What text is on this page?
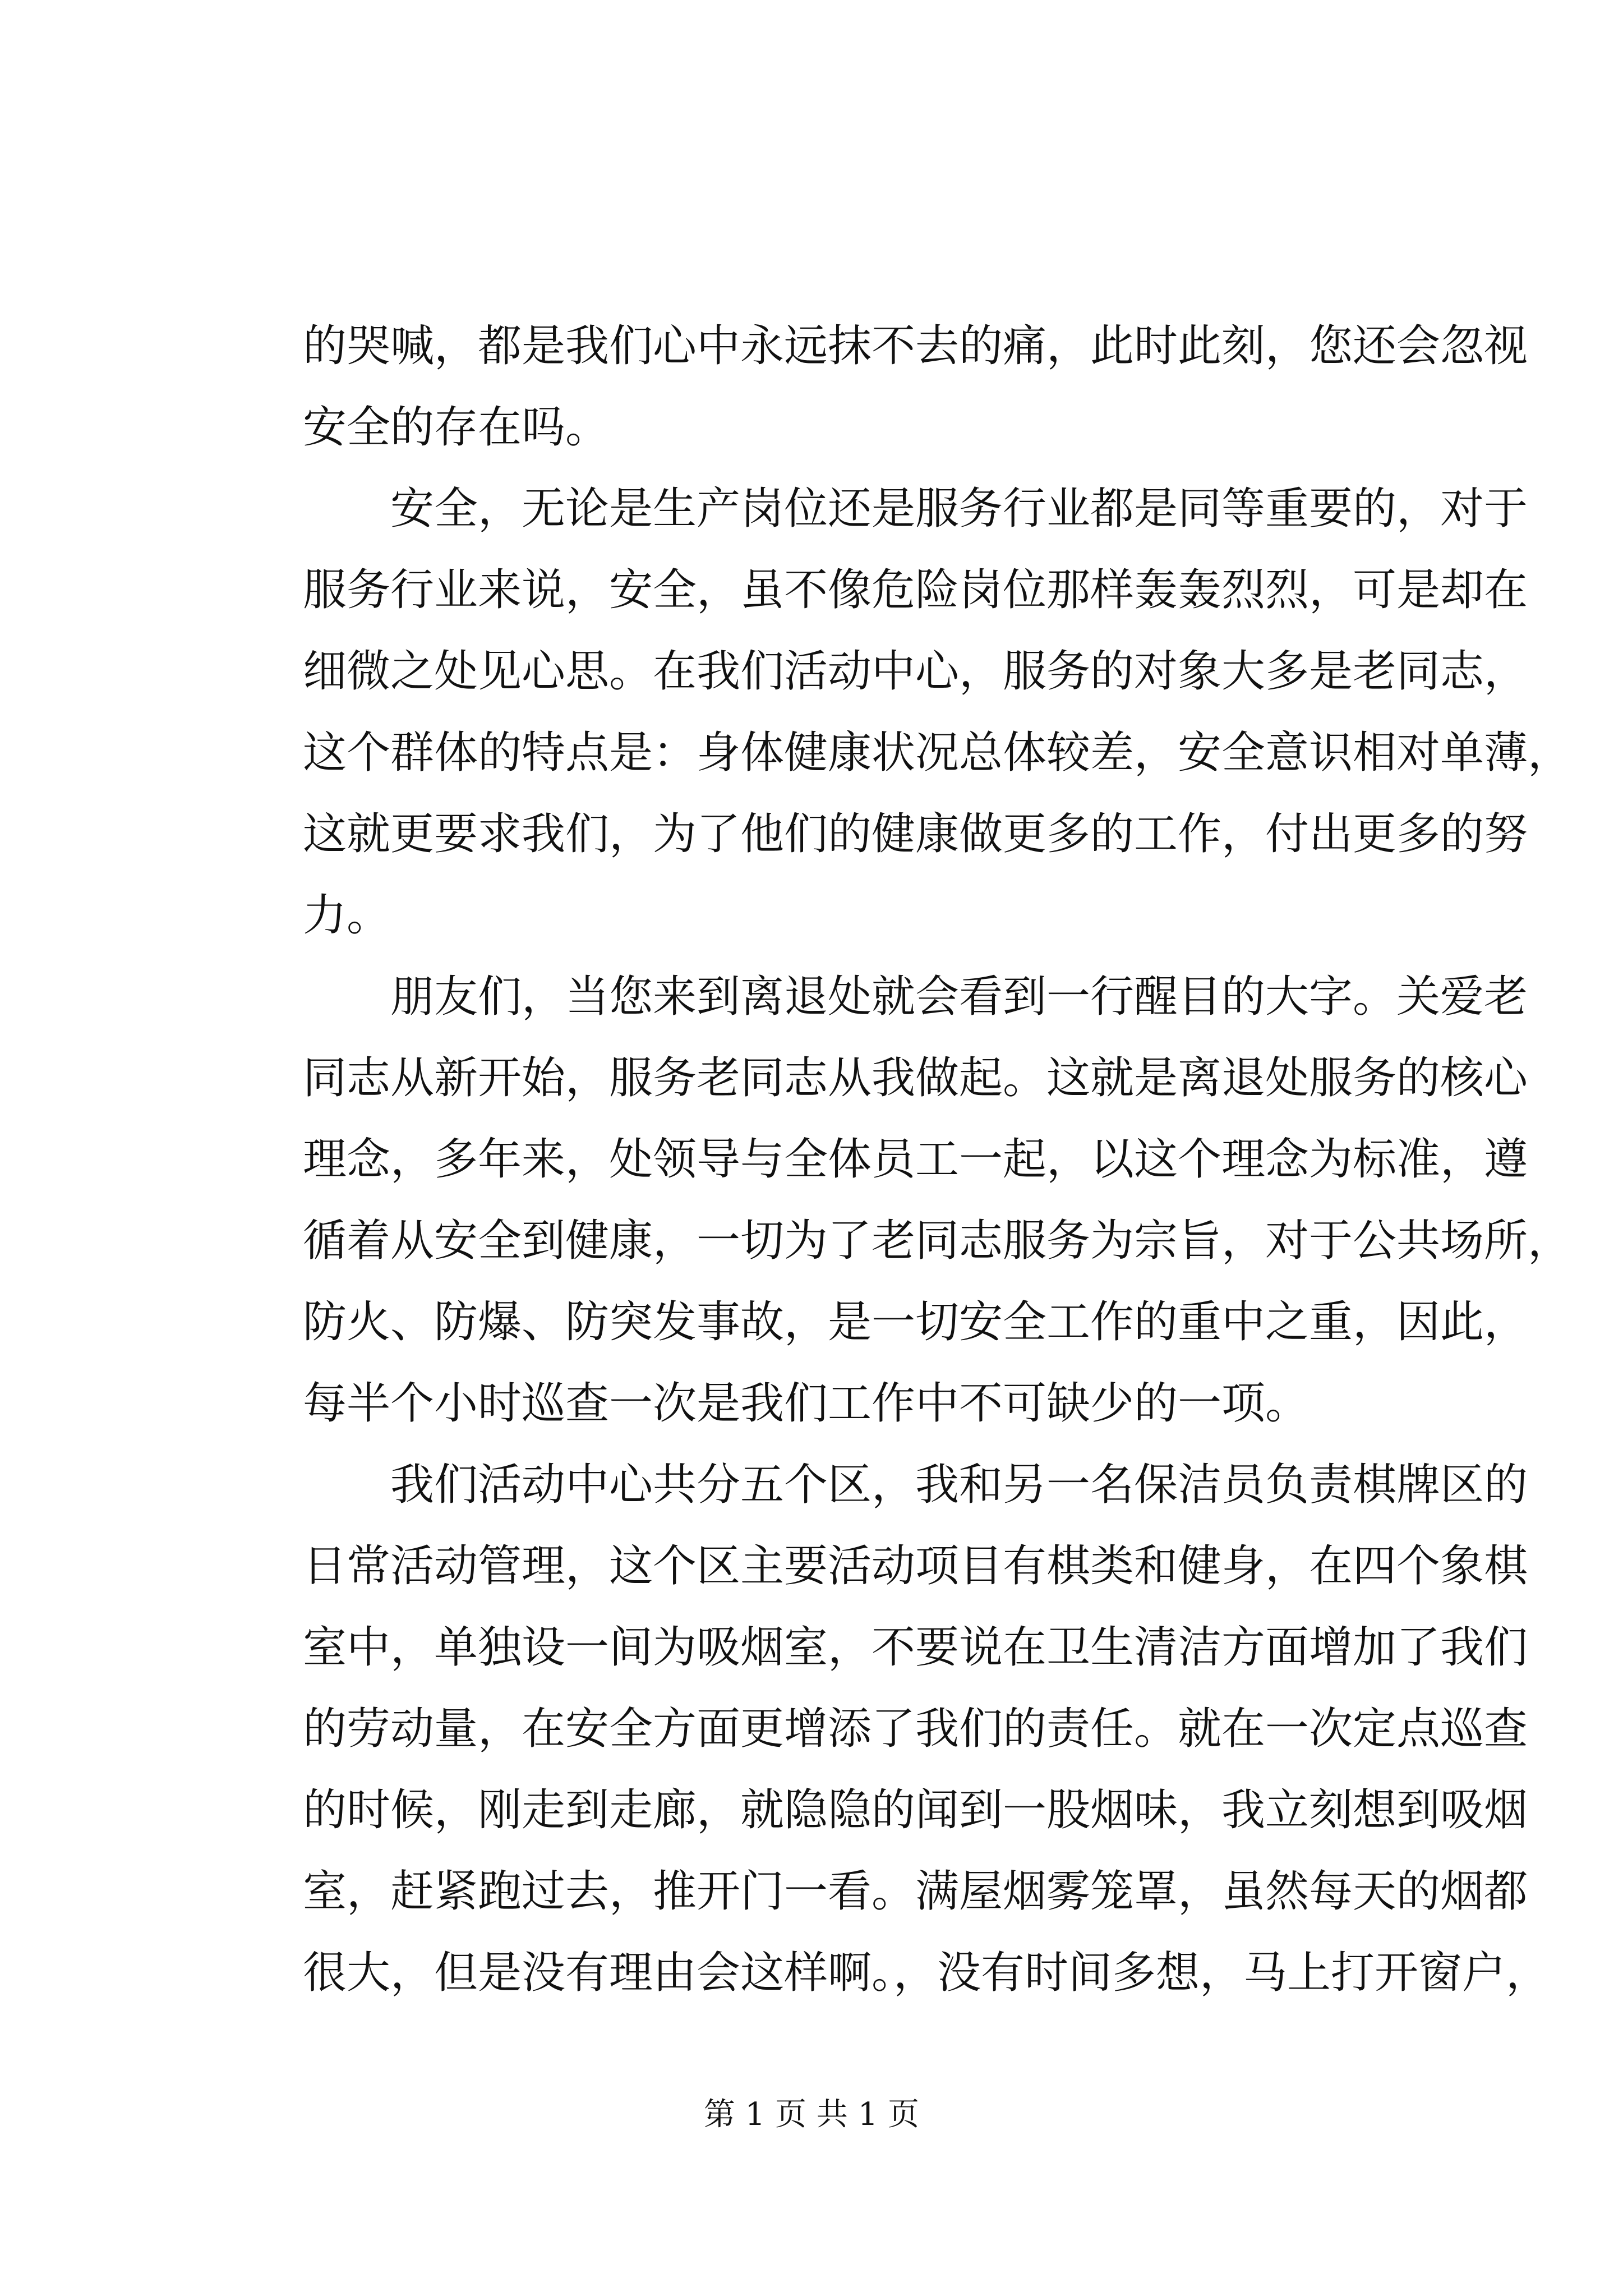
的哭喊，都是我们心中永远抹不去的痛，此时此刻，您还会忽视
安全的存在吗。
　　安全，无论是生产岗位还是服务行业都是同等重要的，对于
服务行业来说，安全，虽不像危险岗位那样轰轰烈烈，可是却在
细微之处见心思。在我们活动中心，服务的对象大多是老同志，
这个群体的特点是：身体健康状况总体较差，安全意识相对单薄，
这就更要求我们，为了他们的健康做更多的工作，付出更多的努
力。
　　朋友们，当您来到离退处就会看到一行醒目的大字。关爱老
同志从新开始，服务老同志从我做起。这就是离退处服务的核心
理念，多年来，处领导与全体员工一起，以这个理念为标准，遵
循着从安全到健康，一切为了老同志服务为宗旨，对于公共场所，
防火、防爆、防突发事故，是一切安全工作的重中之重，因此，
每半个小时巡查一次是我们工作中不可缺少的一项。
　　我们活动中心共分五个区，我和另一名保洁员负责棋牌区的
日常活动管理，这个区主要活动项目有棋类和健身，在四个象棋
室中，单独设一间为吸烟室，不要说在卫生清洁方面增加了我们
的劳动量，在安全方面更增添了我们的责任。就在一次定点巡查
的时候，刚走到走廊，就隐隐的闻到一股烟味，我立刻想到吸烟
室，赶紧跑过去，推开门一看。满屋烟雾笼罩，虽然每天的烟都
很大，但是没有理由会这样啊。，没有时间多想，马上打开窗户，
第 1 页 共 1 页
